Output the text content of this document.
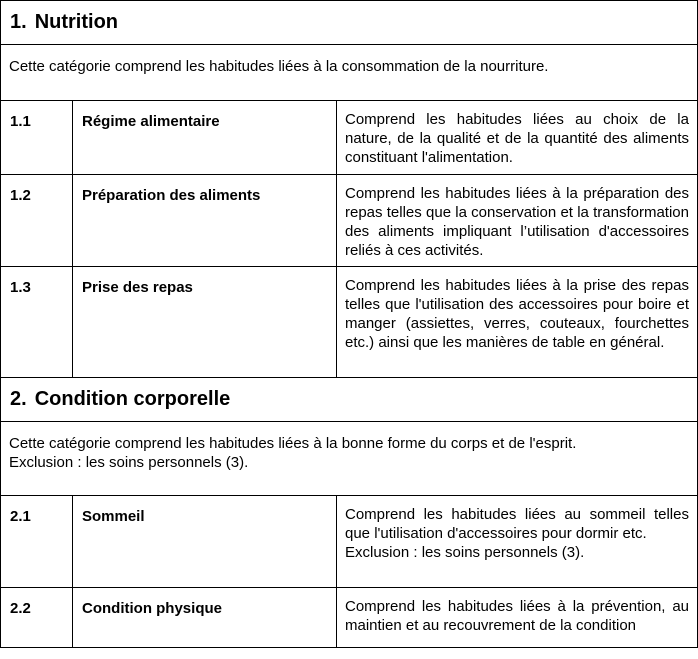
1. Nutrition		

Cette catégorie comprend les habitudes liées à la consommation de la nourriture.		

1.1	Régime alimentaire	Comprend les habitudes liées au choix de la nature, de la qualité et de la quantité des aliments constituant l'alimentation.
1.2	Préparation des aliments	Comprend les habitudes liées à la préparation des repas telles que la conservation et la transformation des aliments impliquant l’utilisation d'accessoires reliés à ces activités.
1.3	Prise des repas	Comprend les habitudes liées à la prise des repas telles que l'utilisation des accessoires pour boire et manger (assiettes, verres, couteaux, fourchettes etc.) ainsi que les manières de table en général.
2. Condition corporelle		

Cette catégorie comprend les habitudes liées à la bonne forme du corps et de l'esprit.
Exclusion : les soins personnels (3).		

2.1	Sommeil	Comprend les habitudes liées au sommeil telles que l'utilisation d'accessoires pour dormir etc.
Exclusion : les soins personnels (3).

2.2	Condition physique	Comprend les habitudes liées à la prévention, au maintien et au recouvrement de la condition
